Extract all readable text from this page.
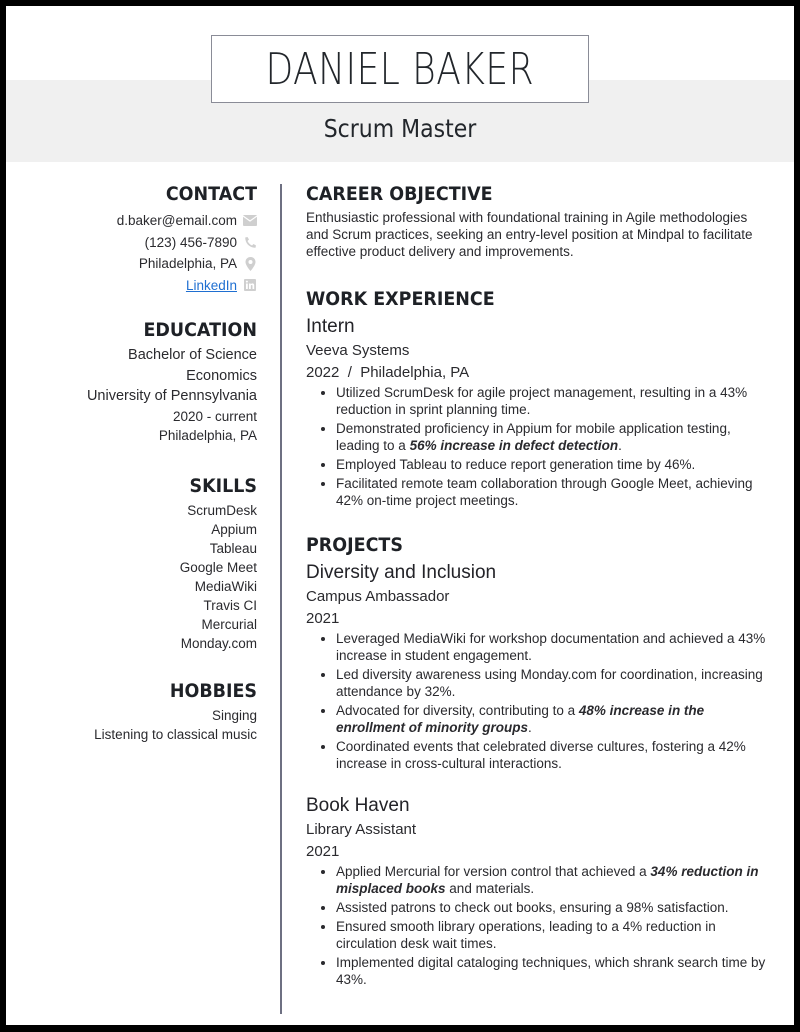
DANIEL BAKER
Scrum Master
CONTACT
d.baker@email.com
(123) 456-7890
Philadelphia, PA
LinkedIn
EDUCATION
Bachelor of Science
Economics
University of Pennsylvania
2020 - current
Philadelphia, PA
SKILLS
ScrumDesk
Appium
Tableau
Google Meet
MediaWiki
Travis CI
Mercurial
Monday.com
HOBBIES
Singing
Listening to classical music
CAREER OBJECTIVE

Enthusiastic professional with foundational training in Agile methodologies and Scrum practices, seeking an entry-level position at Mindpal to facilitate effective product delivery and improvements.

WORK EXPERIENCE
Intern
Veeva Systems
2022  /  Philadelphia, PA
• Utilized ScrumDesk for agile project management, resulting in a 43% reduction in sprint planning time.
• Demonstrated proficiency in Appium for mobile application testing, leading to a 56% increase in defect detection.
• Employed Tableau to reduce report generation time by 46%.
• Facilitated remote team collaboration through Google Meet, achieving 42% on-time project meetings.
PROJECTS
Diversity and Inclusion
Campus Ambassador
2021
• Leveraged MediaWiki for workshop documentation and achieved a 43% increase in student engagement.
• Led diversity awareness using Monday.com for coordination, increasing attendance by 32%.
• Advocated for diversity, contributing to a 48% increase in the enrollment of minority groups.
• Coordinated events that celebrated diverse cultures, fostering a 42% increase in cross-cultural interactions.
Book Haven
Library Assistant
2021
• Applied Mercurial for version control that achieved a 34% reduction in misplaced books and materials.
• Assisted patrons to check out books, ensuring a 98% satisfaction.
• Ensured smooth library operations, leading to a 4% reduction in circulation desk wait times.
• Implemented digital cataloging techniques, which shrank search time by 43%.
